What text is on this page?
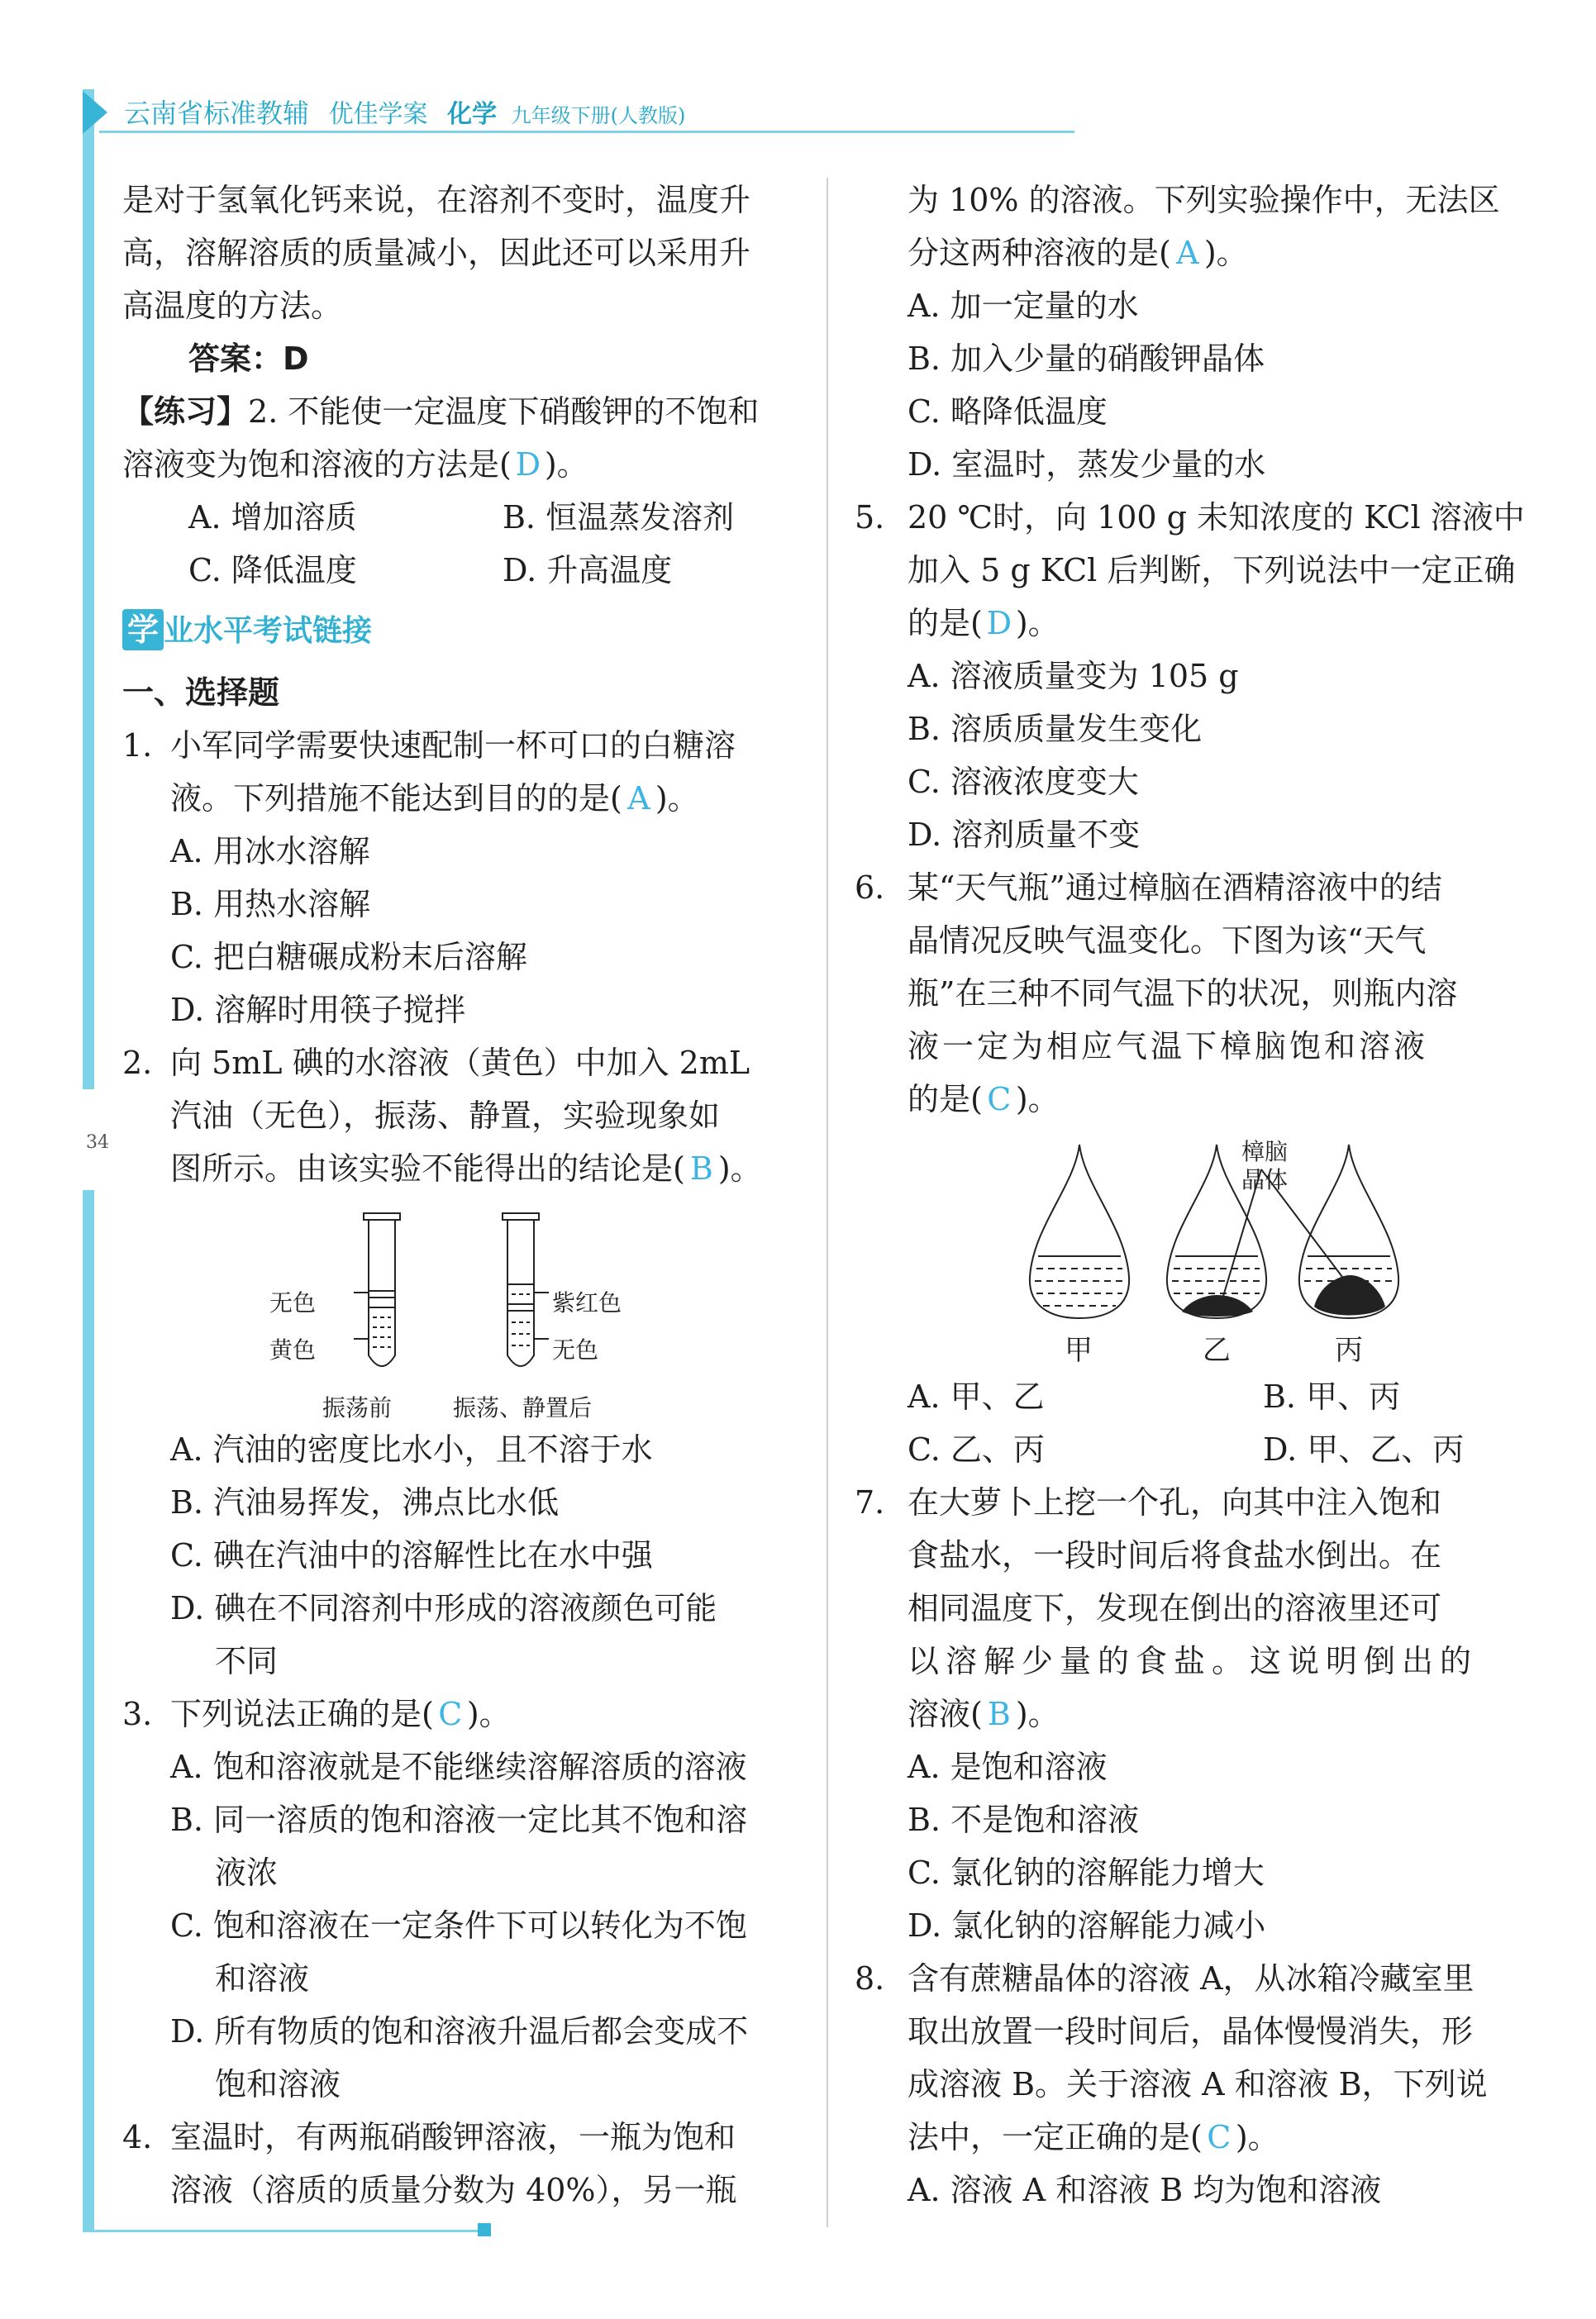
云南省标准教辅 优佳学案 化学 九年级下册(人教版)
34
是对于氢氧化钙来说，在溶剂不变时，温度升
高，溶解溶质的质量减小，因此还可以采用升
高温度的方法。
答案：D
【练习】2. 不能使一定温度下硝酸钾的不饱和
溶液变为饱和溶液的方法是( D )。
A. 增加溶质	B. 恒温蒸发溶剂
C. 降低温度	D. 升高温度
学 业水平考试链接
一、选择题
1. 小军同学需要快速配制一杯可口的白糖溶
液。下列措施不能达到目的的是( A )。
A. 用冰水溶解
B. 用热水溶解
C. 把白糖碾成粉末后溶解
D. 溶解时用筷子搅拌
2. 向 5mL 碘的水溶液（黄色）中加入 2mL
汽油（无色），振荡、静置，实验现象如
图所示。由该实验不能得出的结论是( B )。
无色
黄色
紫红色
无色
振荡前	振荡、静置后
A. 汽油的密度比水小，且不溶于水
B. 汽油易挥发，沸点比水低
C. 碘在汽油中的溶解性比在水中强
D. 碘在不同溶剂中形成的溶液颜色可能
不同
3. 下列说法正确的是( C )。
A. 饱和溶液就是不能继续溶解溶质的溶液
B. 同一溶质的饱和溶液一定比其不饱和溶
液浓
C. 饱和溶液在一定条件下可以转化为不饱
和溶液
D. 所有物质的饱和溶液升温后都会变成不
饱和溶液
4. 室温时，有两瓶硝酸钾溶液，一瓶为饱和
溶液（溶质的质量分数为 40%），另一瓶
为 10% 的溶液。下列实验操作中，无法区
分这两种溶液的是( A )。
A. 加一定量的水
B. 加入少量的硝酸钾晶体
C. 略降低温度
D. 室温时，蒸发少量的水
5. 20 ℃时，向 100 g 未知浓度的 KCl 溶液中
加入 5 g KCl 后判断，下列说法中一定正确
的是( D )。
A. 溶液质量变为 105 g
B. 溶质质量发生变化
C. 溶液浓度变大
D. 溶剂质量不变
6. 某“天气瓶”通过樟脑在酒精溶液中的结
晶情况反映气温变化。下图为该“天气
瓶”在三种不同气温下的状况，则瓶内溶
液一定为相应气温下樟脑饱和溶液
的是( C )。
樟脑
晶体
甲	乙	丙
A. 甲、乙	B. 甲、丙
C. 乙、丙	D. 甲、乙、丙
7. 在大萝卜上挖一个孔，向其中注入饱和
食盐水，一段时间后将食盐水倒出。在
相同温度下，发现在倒出的溶液里还可
以溶解少量的食盐。这说明倒出的
溶液( B )。
A. 是饱和溶液
B. 不是饱和溶液
C. 氯化钠的溶解能力增大
D. 氯化钠的溶解能力减小
8. 含有蔗糖晶体的溶液 A，从冰箱冷藏室里
取出放置一段时间后，晶体慢慢消失，形
成溶液 B。关于溶液 A 和溶液 B，下列说
法中，一定正确的是( C )。
A. 溶液 A 和溶液 B 均为饱和溶液
